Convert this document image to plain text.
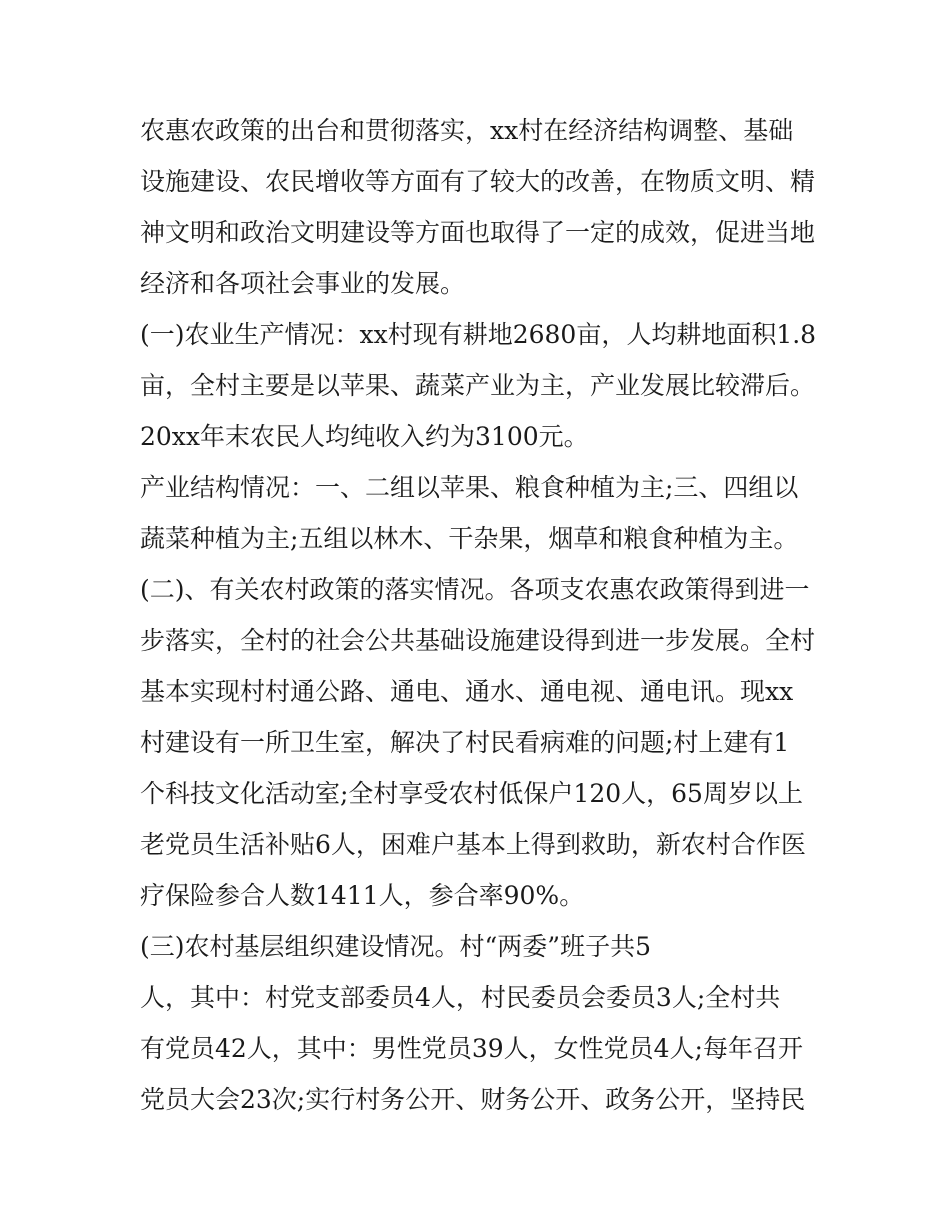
农惠农政策的出台和贯彻落实，xx村在经济结构调整、基础
设施建设、农民增收等方面有了较大的改善，在物质文明、精
神文明和政治文明建设等方面也取得了一定的成效，促进当地
经济和各项社会事业的发展。
(一)农业生产情况：xx村现有耕地2680亩，人均耕地面积1.8
亩，全村主要是以苹果、蔬菜产业为主，产业发展比较滞后。
20xx年末农民人均纯收入约为3100元。
产业结构情况：一、二组以苹果、粮食种植为主;三、四组以
蔬菜种植为主;五组以林木、干杂果，烟草和粮食种植为主。
(二)、有关农村政策的落实情况。各项支农惠农政策得到进一
步落实，全村的社会公共基础设施建设得到进一步发展。全村
基本实现村村通公路、通电、通水、通电视、通电讯。现xx
村建设有一所卫生室，解决了村民看病难的问题;村上建有1
个科技文化活动室;全村享受农村低保户120人，65周岁以上
老党员生活补贴6人，困难户基本上得到救助，新农村合作医
疗保险参合人数1411人，参合率90%。
(三)农村基层组织建设情况。村“两委”班子共5
人，其中：村党支部委员4人，村民委员会委员3人;全村共
有党员42人，其中：男性党员39人，女性党员4人;每年召开
党员大会23次;实行村务公开、财务公开、政务公开，坚持民
